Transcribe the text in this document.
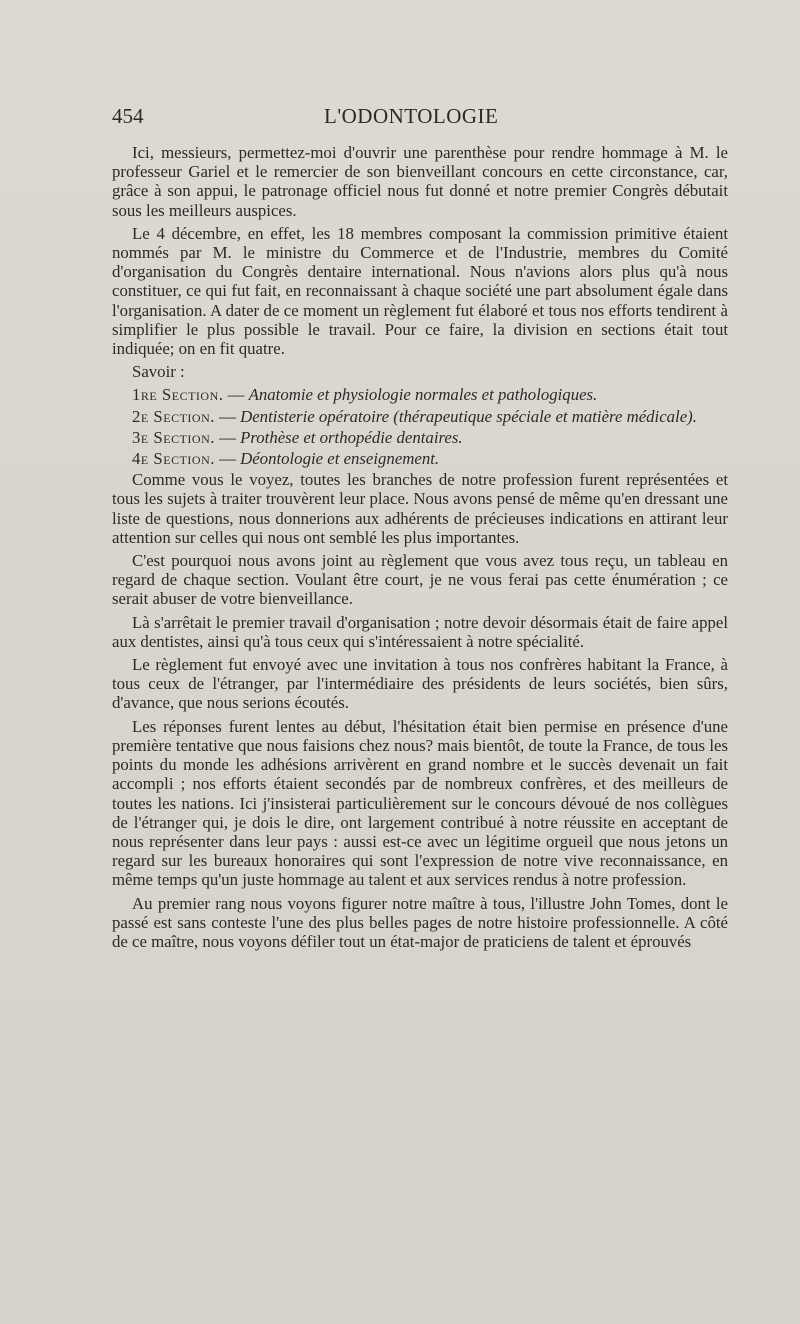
454	L'ODONTOLOGIE

Ici, messieurs, permettez-moi d'ouvrir une parenthèse pour rendre hommage à M. le professeur Gariel et le remercier de son bienveillant concours en cette circonstance, car, grâce à son appui, le patronage officiel nous fut donné et notre premier Congrès débutait sous les meilleurs auspices.

Le 4 décembre, en effet, les 18 membres composant la commission primitive étaient nommés par M. le ministre du Commerce et de l'Industrie, membres du Comité d'organisation du Congrès dentaire international. Nous n'avions alors plus qu'à nous constituer, ce qui fut fait, en reconnaissant à chaque société une part absolument égale dans l'organisation. A dater de ce moment un règlement fut élaboré et tous nos efforts tendirent à simplifier le plus possible le travail. Pour ce faire, la division en sections était tout indiquée; on en fit quatre.

Savoir :

1re Section. — Anatomie et physiologie normales et pathologiques.

2e Section. — Dentisterie opératoire (thérapeutique spéciale et matière médicale).

3e Section. — Prothèse et orthopédie dentaires.

4e Section. — Déontologie et enseignement.

Comme vous le voyez, toutes les branches de notre profession furent représentées et tous les sujets à traiter trouvèrent leur place. Nous avons pensé de même qu'en dressant une liste de questions, nous donnerions aux adhérents de précieuses indications en attirant leur attention sur celles qui nous ont semblé les plus importantes.

C'est pourquoi nous avons joint au règlement que vous avez tous reçu, un tableau en regard de chaque section. Voulant être court, je ne vous ferai pas cette énumération ; ce serait abuser de votre bienveillance.

Là s'arrêtait le premier travail d'organisation ; notre devoir désormais était de faire appel aux dentistes, ainsi qu'à tous ceux qui s'intéressaient à notre spécialité.

Le règlement fut envoyé avec une invitation à tous nos confrères habitant la France, à tous ceux de l'étranger, par l'intermédiaire des présidents de leurs sociétés, bien sûrs, d'avance, que nous serions écoutés.

Les réponses furent lentes au début, l'hésitation était bien permise en présence d'une première tentative que nous faisions chez nous? mais bientôt, de toute la France, de tous les points du monde les adhésions arrivèrent en grand nombre et le succès devenait un fait accompli ; nos efforts étaient secondés par de nombreux confrères, et des meilleurs de toutes les nations. Ici j'insisterai particulièrement sur le concours dévoué de nos collègues de l'étranger qui, je dois le dire, ont largement contribué à notre réussite en acceptant de nous représenter dans leur pays : aussi est-ce avec un légitime orgueil que nous jetons un regard sur les bureaux honoraires qui sont l'expression de notre vive reconnaissance, en même temps qu'un juste hommage au talent et aux services rendus à notre profession.

Au premier rang nous voyons figurer notre maître à tous, l'illustre John Tomes, dont le passé est sans conteste l'une des plus belles pages de notre histoire professionnelle. A côté de ce maître, nous voyons défiler tout un état-major de praticiens de talent et éprouvés
